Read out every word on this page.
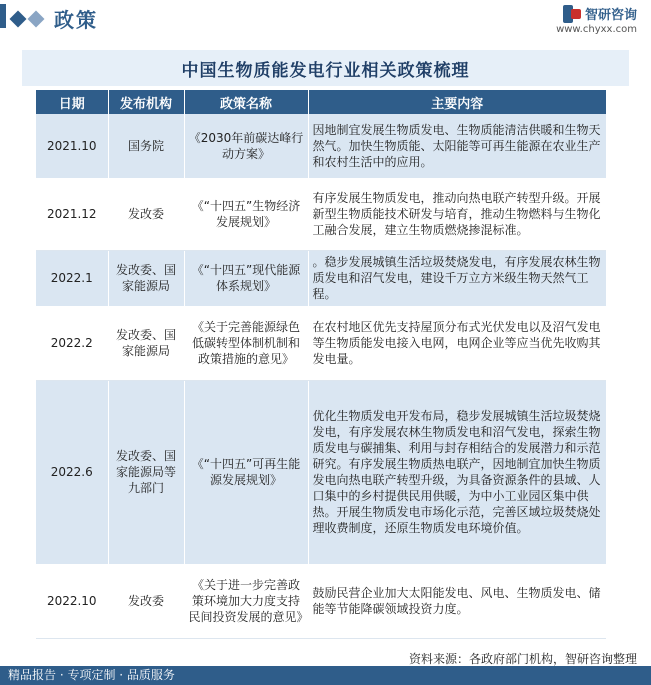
政策	智研咨询
www.chyxx.com
中国生物质能发电行业相关政策梳理
日期	发布机构	政策名称	主要内容
2021.10	国务院	《2030年前碳达峰行动方案》	因地制宜发展生物质发电、生物质能清洁供暖和生物天然气。加快生物质能、太阳能等可再生能源在农业生产和农村生活中的应用。
2021.12	发改委	《“十四五”生物经济发展规划》	有序发展生物质发电，推动向热电联产转型升级。开展新型生物质能技术研发与培育，推动生物燃料与生物化工融合发展，建立生物质燃烧掺混标准。
2022.1	发改委、国家能源局	《“十四五”现代能源体系规划》	。稳步发展城镇生活垃圾焚烧发电，有序发展农林生物质发电和沼气发电，建设千万立方米级生物天然气工程。
2022.2	发改委、国家能源局	《关于完善能源绿色低碳转型体制机制和政策措施的意见》	在农村地区优先支持屋顶分布式光伏发电以及沼气发电等生物质能发电接入电网，电网企业等应当优先收购其发电量。
2022.6	发改委、国家能源局等九部门	《“十四五”可再生能源发展规划》	优化生物质发电开发布局，稳步发展城镇生活垃圾焚烧发电，有序发展农林生物质发电和沼气发电，探索生物质发电与碳捕集、利用与封存相结合的发展潜力和示范研究。有序发展生物质热电联产，因地制宜加快生物质发电向热电联产转型升级，为具备资源条件的县域、人口集中的乡村提供民用供暖，为中小工业园区集中供热。开展生物质发电市场化示范，完善区域垃圾焚烧处理收费制度，还原生物质发电环境价值。
2022.10	发改委	《关于进一步完善政策环境加大力度支持民间投资发展的意见》	鼓励民营企业加大太阳能发电、风电、生物质发电、储能等节能降碳领域投资力度。
资料来源：各政府部门机构，智研咨询整理
精品报告 · 专项定制 · 品质服务
